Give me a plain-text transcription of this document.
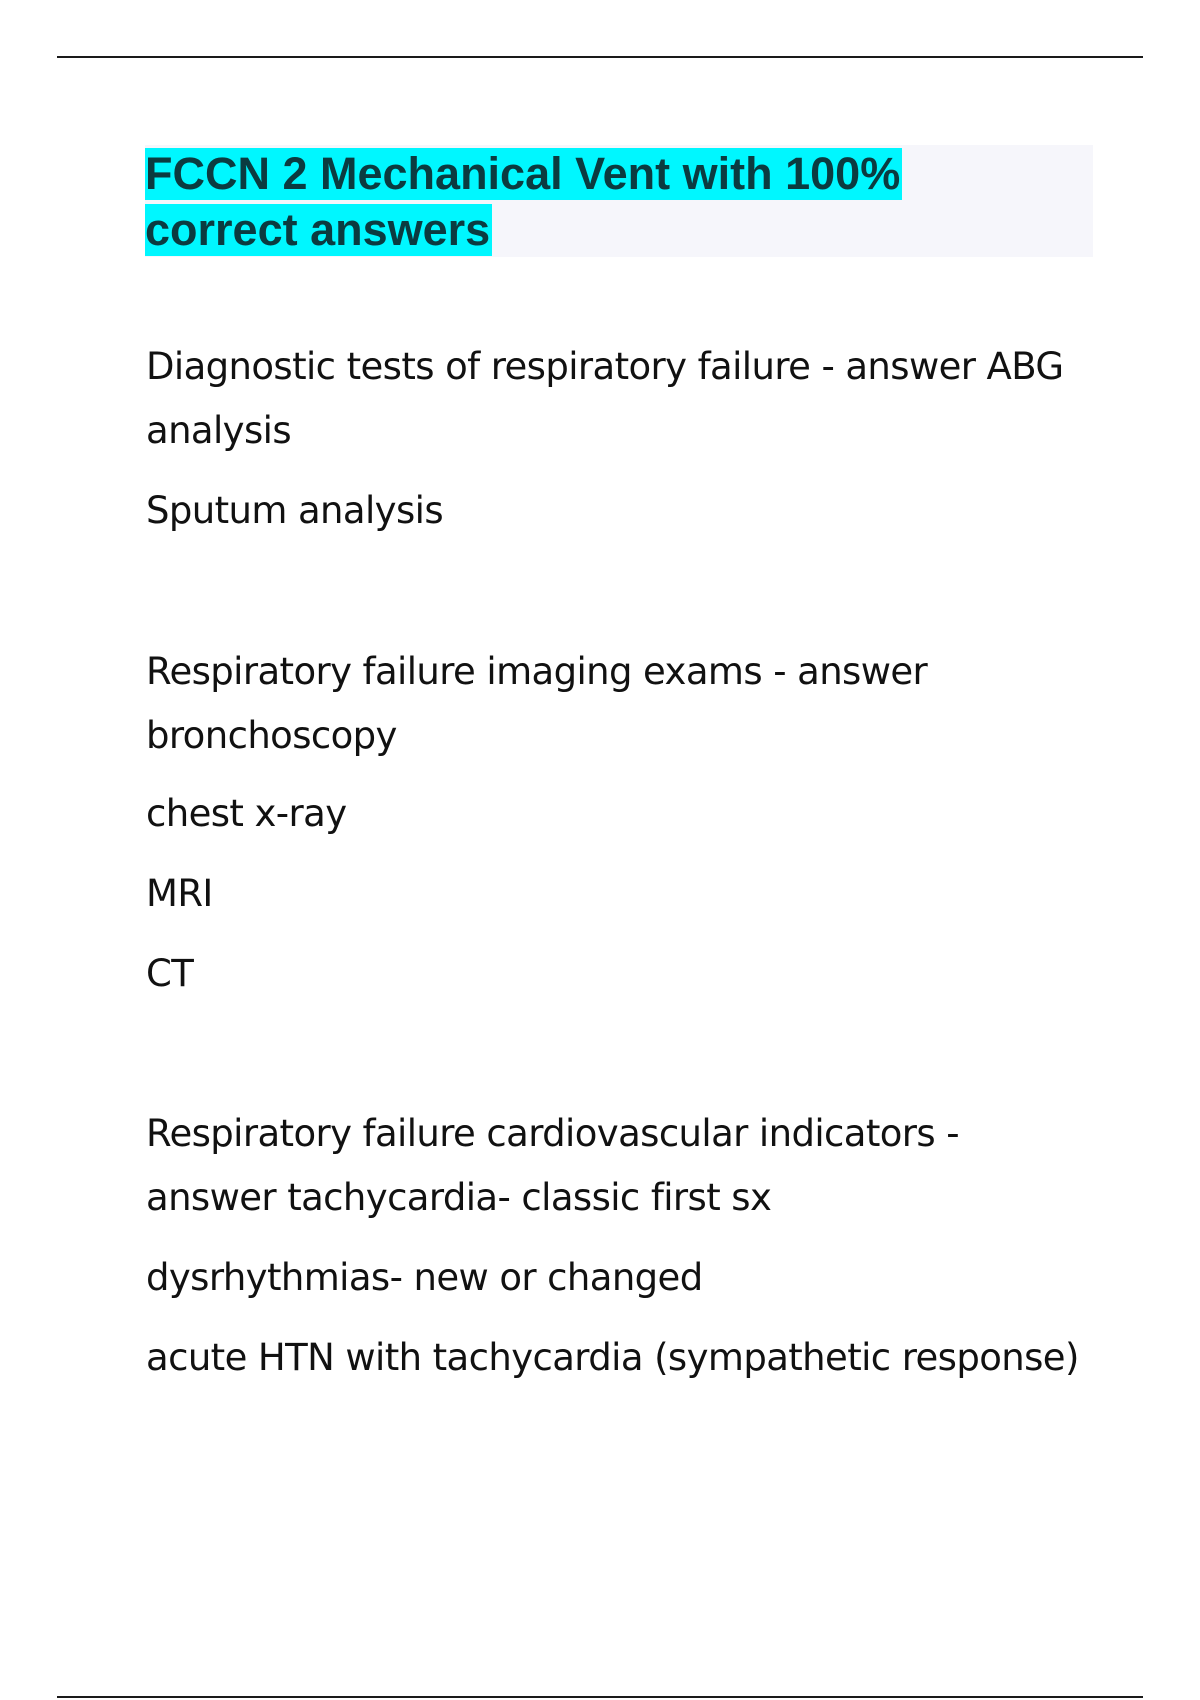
FCCN 2 Mechanical Vent with 100%
correct answers

Diagnostic tests of respiratory failure - answer ABG analysis

Sputum analysis

Respiratory failure imaging exams - answer bronchoscopy

chest x-ray

MRI

CT

Respiratory failure cardiovascular indicators - answer tachycardia- classic first sx

dysrhythmias- new or changed

acute HTN with tachycardia (sympathetic response)
